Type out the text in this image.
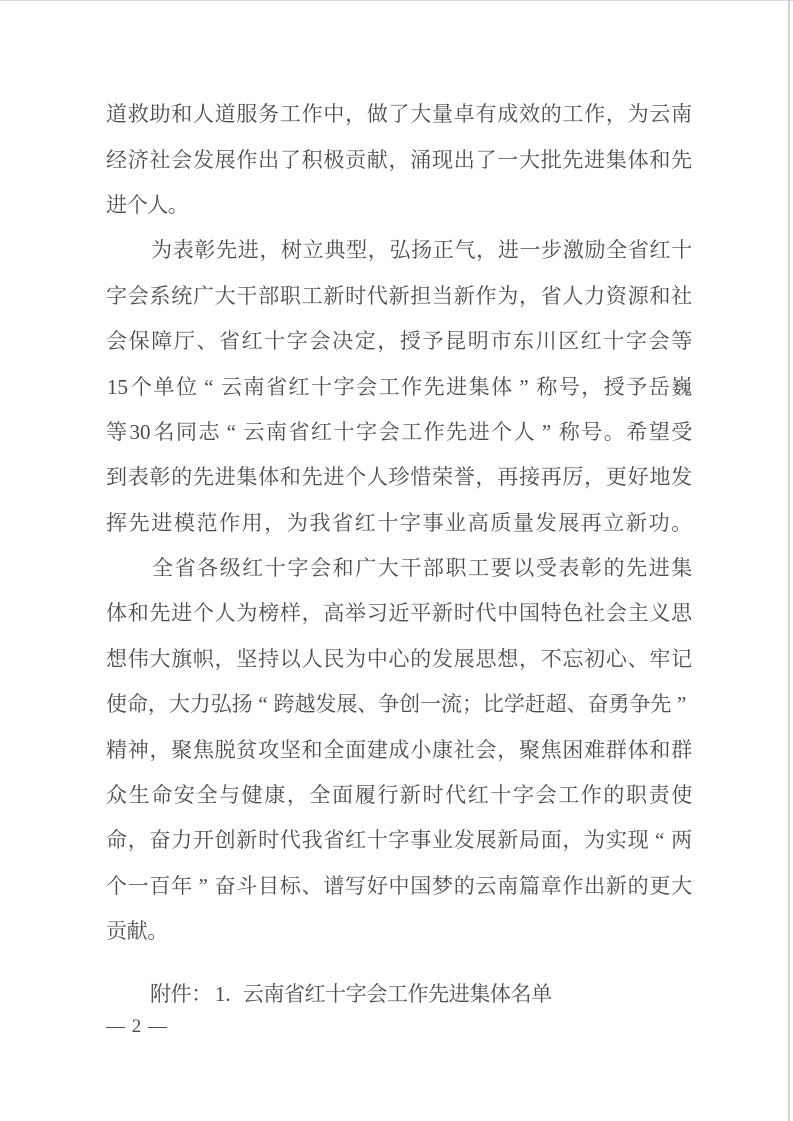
道 救 助 和 人 道 服 务 工 作 中 ， 做 了 大 量 卓 有 成 效 的 工 作 ， 为 云 南
经 济 社 会 发 展 作 出 了 积 极 贡 献 ， 涌 现 出 了 一 大 批 先 进 集 体 和 先
进 个 人 。
为 表 彰 先 进 ， 树 立 典 型 ， 弘 扬 正 气 ， 进 一 步 激 励 全 省 红 十
字 会 系 统 广 大 干 部 职 工 新 时 代 新 担 当 新 作 为 ， 省 人 力 资 源 和 社
会 保 障 厅 、 省 红 十 字 会 决 定 ， 授 予 昆 明 市 东 川 区 红 十 字 会 等
15 个 单 位 “ 云 南 省 红 十 字 会 工 作 先 进 集 体 ” 称 号 ， 授 予 岳 巍
等 30 名 同 志 “ 云 南 省 红 十 字 会 工 作 先 进 个 人 ” 称 号 。 希 望 受
到 表 彰 的 先 进 集 体 和 先 进 个 人 珍 惜 荣 誉 ， 再 接 再 厉 ， 更 好 地 发
挥 先 进 模 范 作 用 ， 为 我 省 红 十 字 事 业 高 质 量 发 展 再 立 新 功 。
全 省 各 级 红 十 字 会 和 广 大 干 部 职 工 要 以 受 表 彰 的 先 进 集
体 和 先 进 个 人 为 榜 样 ， 高 举 习 近 平 新 时 代 中 国 特 色 社 会 主 义 思
想 伟 大 旗 帜 ， 坚 持 以 人 民 为 中 心 的 发 展 思 想 ， 不 忘 初 心 、 牢 记
使 命 ， 大 力 弘 扬 “ 跨 越 发 展 、 争 创 一 流 ； 比 学 赶 超 、 奋 勇 争 先 ”
精 神 ， 聚 焦 脱 贫 攻 坚 和 全 面 建 成 小 康 社 会 ， 聚 焦 困 难 群 体 和 群
众 生 命 安 全 与 健 康 ， 全 面 履 行 新 时 代 红 十 字 会 工 作 的 职 责 使
命 ， 奋 力 开 创 新 时 代 我 省 红 十 字 事 业 发 展 新 局 面 ， 为 实 现 “ 两
个 一 百 年 ” 奋 斗 目 标 、 谱 写 好 中 国 梦 的 云 南 篇 章 作 出 新 的 更 大
贡 献 。
附 件 ： 1. 云 南 省 红 十 字 会 工 作 先 进 集 体 名 单
— 2 —
